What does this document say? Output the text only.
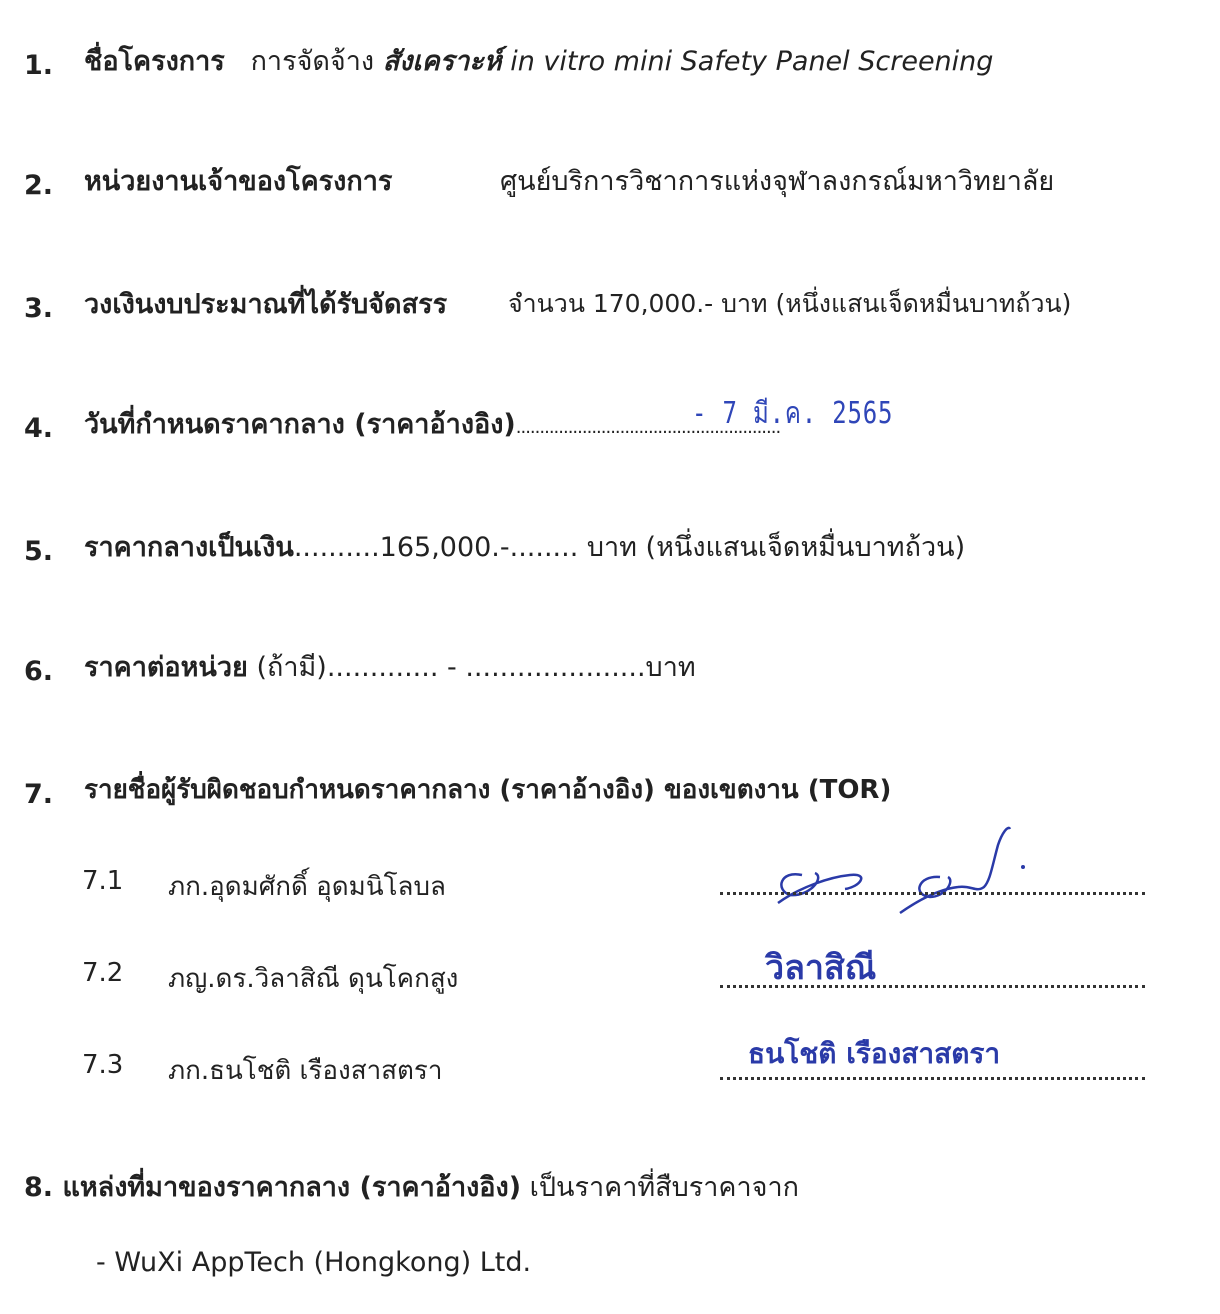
1. ชื่อโครงการ การจัดจ้าง สังเคราะห์ in vitro mini Safety Panel Screening
2. หน่วยงานเจ้าของโครงการ	ศูนย์บริการวิชาการแห่งจุฬาลงกรณ์มหาวิทยาลัย
3. วงเงินงบประมาณที่ได้รับจัดสรร จำนวน 170,000.- บาท (หนึ่งแสนเจ็ดหมื่นบาทถ้วน)
- 7 มี.ค. 2565
4. วันที่กำหนดราคากลาง (ราคาอ้างอิง)........................................................
5. ราคากลางเป็นเงิน..........165,000.-........ บาท (หนึ่งแสนเจ็ดหมื่นบาทถ้วน)
6. ราคาต่อหน่วย (ถ้ามี)............. - .....................บาท
7. รายชื่อผู้รับผิดชอบกำหนดราคากลาง (ราคาอ้างอิง) ของเขตงาน (TOR)
7.1 ภก.อุดมศักดิ์ อุดมนิโลบล
7.2 ภญ.ดร.วิลาสิณี ดุนโคกสูง	วิลาสิณี
7.3 ภก.ธนโชติ เรืองสาสตรา
ธนโชติ เรืองสาสตรา
8. แหล่งที่มาของราคากลาง (ราคาอ้างอิง) เป็นราคาที่สืบราคาจาก
- WuXi AppTech (Hongkong) Ltd.
